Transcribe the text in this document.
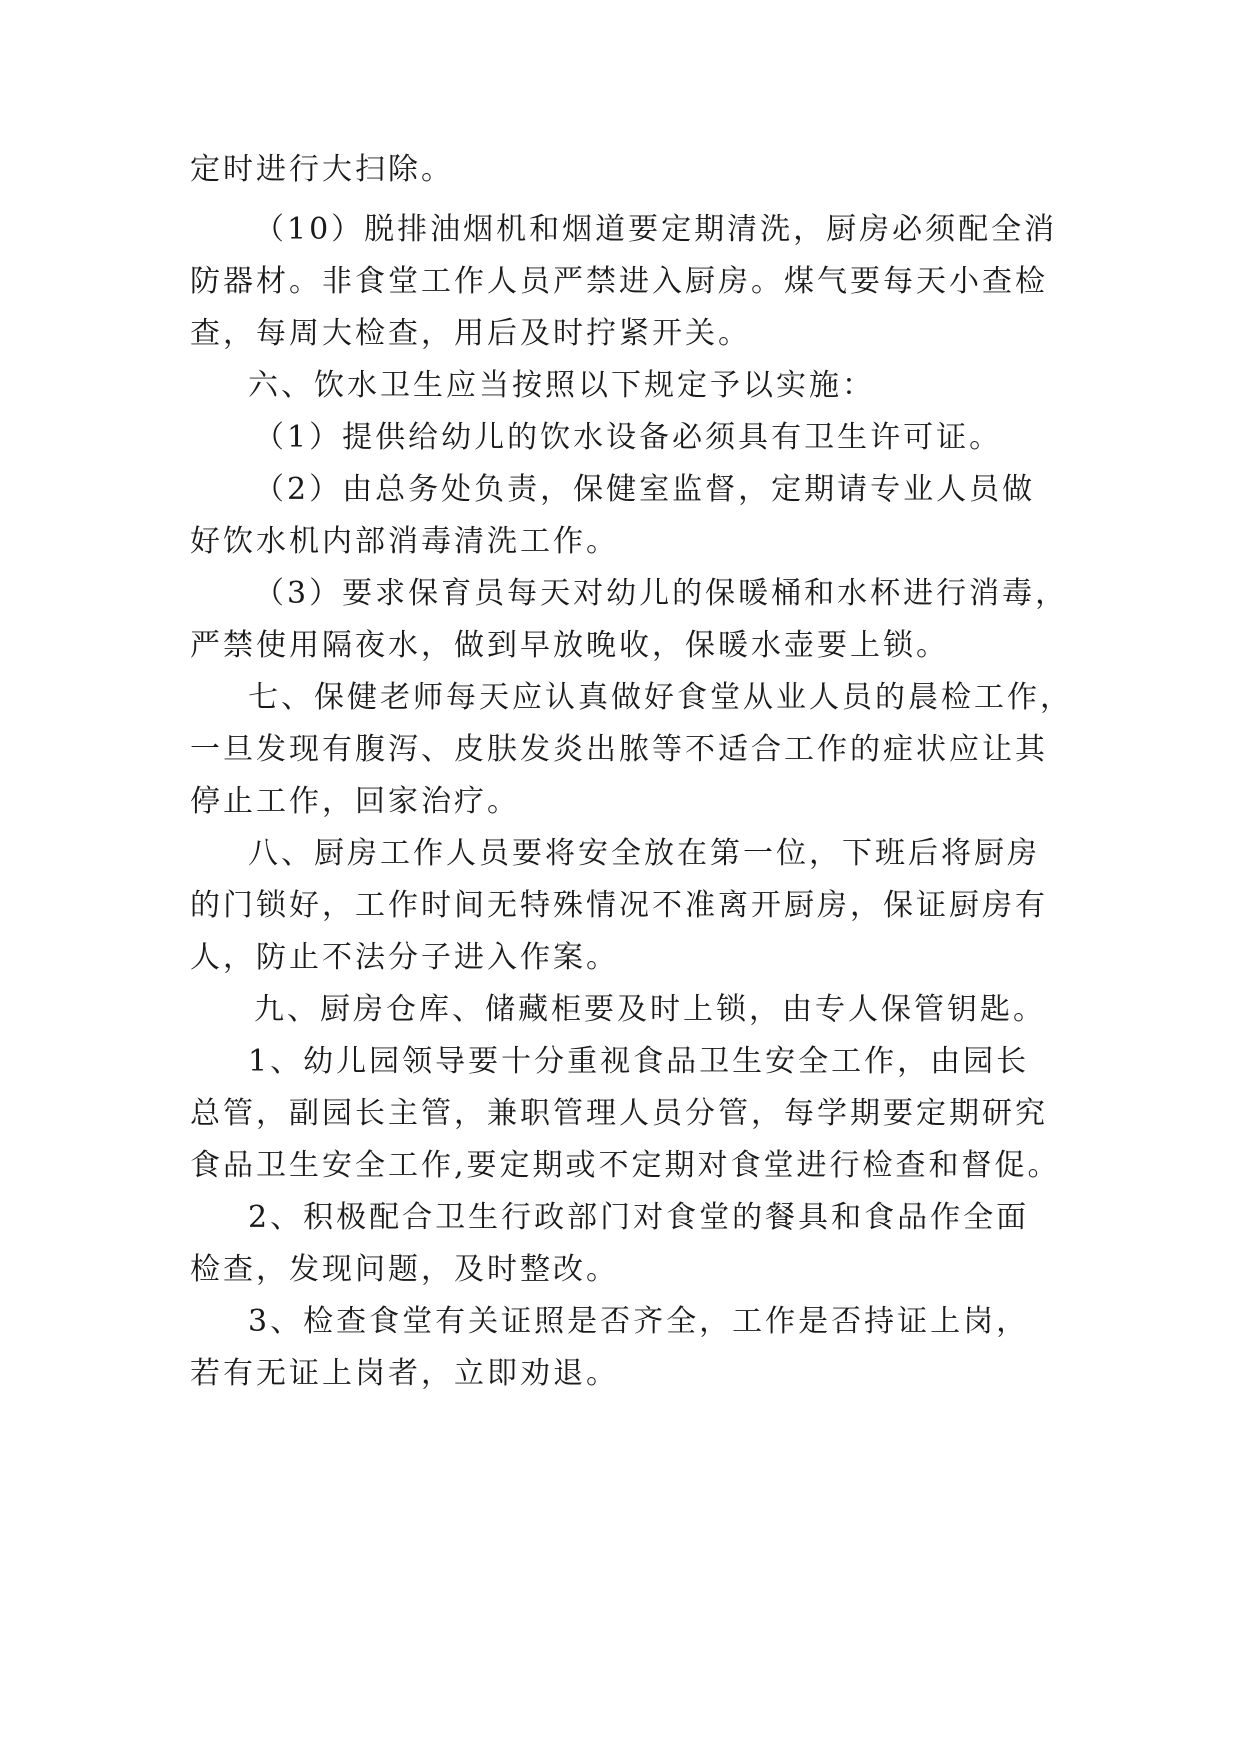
定时进行大扫除。
（10）脱排油烟机和烟道要定期清洗，厨房必须配全消
防器材。非食堂工作人员严禁进入厨房。煤气要每天小查检
查，每周大检查，用后及时拧紧开关。
六、饮水卫生应当按照以下规定予以实施：
（1）提供给幼儿的饮水设备必须具有卫生许可证。
（2）由总务处负责，保健室监督，定期请专业人员做
好饮水机内部消毒清洗工作。
（3）要求保育员每天对幼儿的保暖桶和水杯进行消毒，
严禁使用隔夜水，做到早放晚收，保暖水壶要上锁。
七、保健老师每天应认真做好食堂从业人员的晨检工作，
一旦发现有腹泻、皮肤发炎出脓等不适合工作的症状应让其
停止工作，回家治疗。
八、厨房工作人员要将安全放在第一位，下班后将厨房
的门锁好，工作时间无特殊情况不准离开厨房，保证厨房有
人，防止不法分子进入作案。
九、厨房仓库、储藏柜要及时上锁，由专人保管钥匙。
1、幼儿园领导要十分重视食品卫生安全工作，由园长
总管，副园长主管，兼职管理人员分管，每学期要定期研究
食品卫生安全工作,要定期或不定期对食堂进行检查和督促。
2、积极配合卫生行政部门对食堂的餐具和食品作全面
检查，发现问题，及时整改。
3、检查食堂有关证照是否齐全，工作是否持证上岗，
若有无证上岗者，立即劝退。
